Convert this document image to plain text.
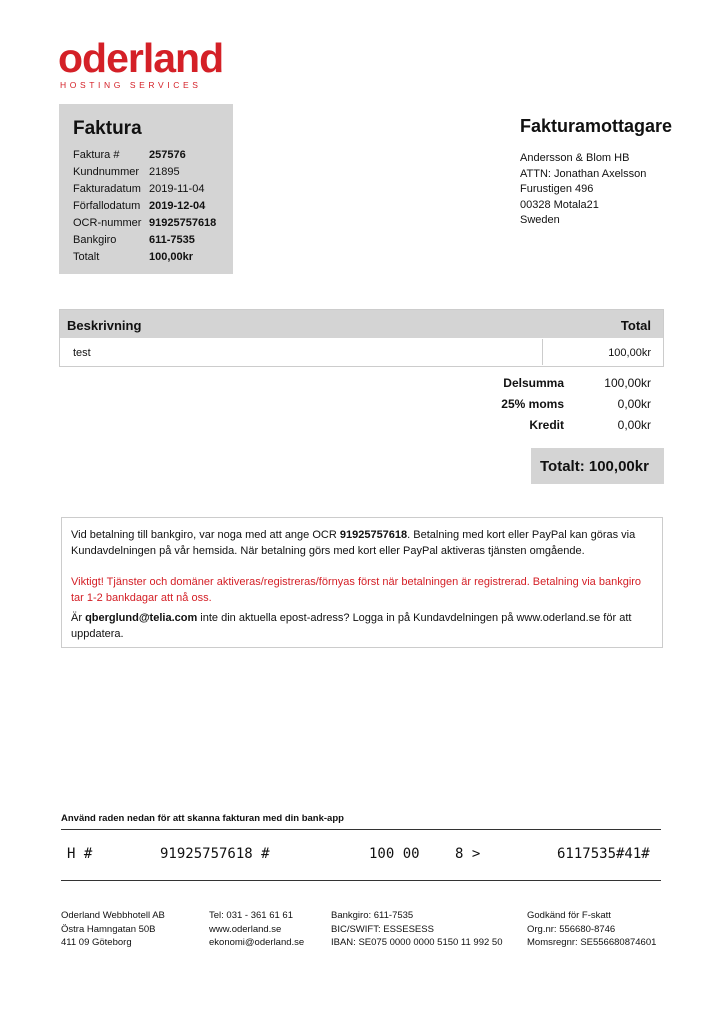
oderland
HOSTING SERVICES
Faktura
Faktura #	257576
Kundnummer 21895
Fakturadatum 2019-11-04
Förfallodatum 2019-12-04
OCR-nummer 91925757618
Bankgiro	611-7535
Totalt	100,00kr
Fakturamottagare
Andersson & Blom HB
ATTN: Jonathan Axelsson
Furustigen 496
00328 Motala21
Sweden
Beskrivning	Total
test	100,00kr
Delsumma	100,00kr
25% moms	0,00kr
Kredit	0,00kr
Totalt: 100,00kr

Vid betalning till bankgiro, var noga med att ange OCR 91925757618. Betalning med kort eller PayPal kan göras via Kundavdelningen på vår hemsida. När betalning görs med kort eller PayPal aktiveras tjänsten omgående.

Viktigt! Tjänster och domäner aktiveras/registreras/förnyas först när betalningen är registrerad. Betalning via bankgiro tar 1-2 bankdagar att nå oss.

Är qberglund@telia.com inte din aktuella epost-adress? Logga in på Kundavdelningen på www.oderland.se för att uppdatera.

Använd raden nedan för att skanna fakturan med din bank-app
H #	91925757618 #	100 00	8 >	6117535#41#
Oderland Webbhotell AB
Östra Hamngatan 50B
411 09 Göteborg
Tel: 031 - 361 61 61
www.oderland.se
ekonomi@oderland.se
Bankgiro: 611-7535
BIC/SWIFT: ESSESESS
IBAN: SE075 0000 0000 5150 11 992 50
Godkänd för F-skatt
Org.nr: 556680-8746
Momsregnr: SE556680874601
